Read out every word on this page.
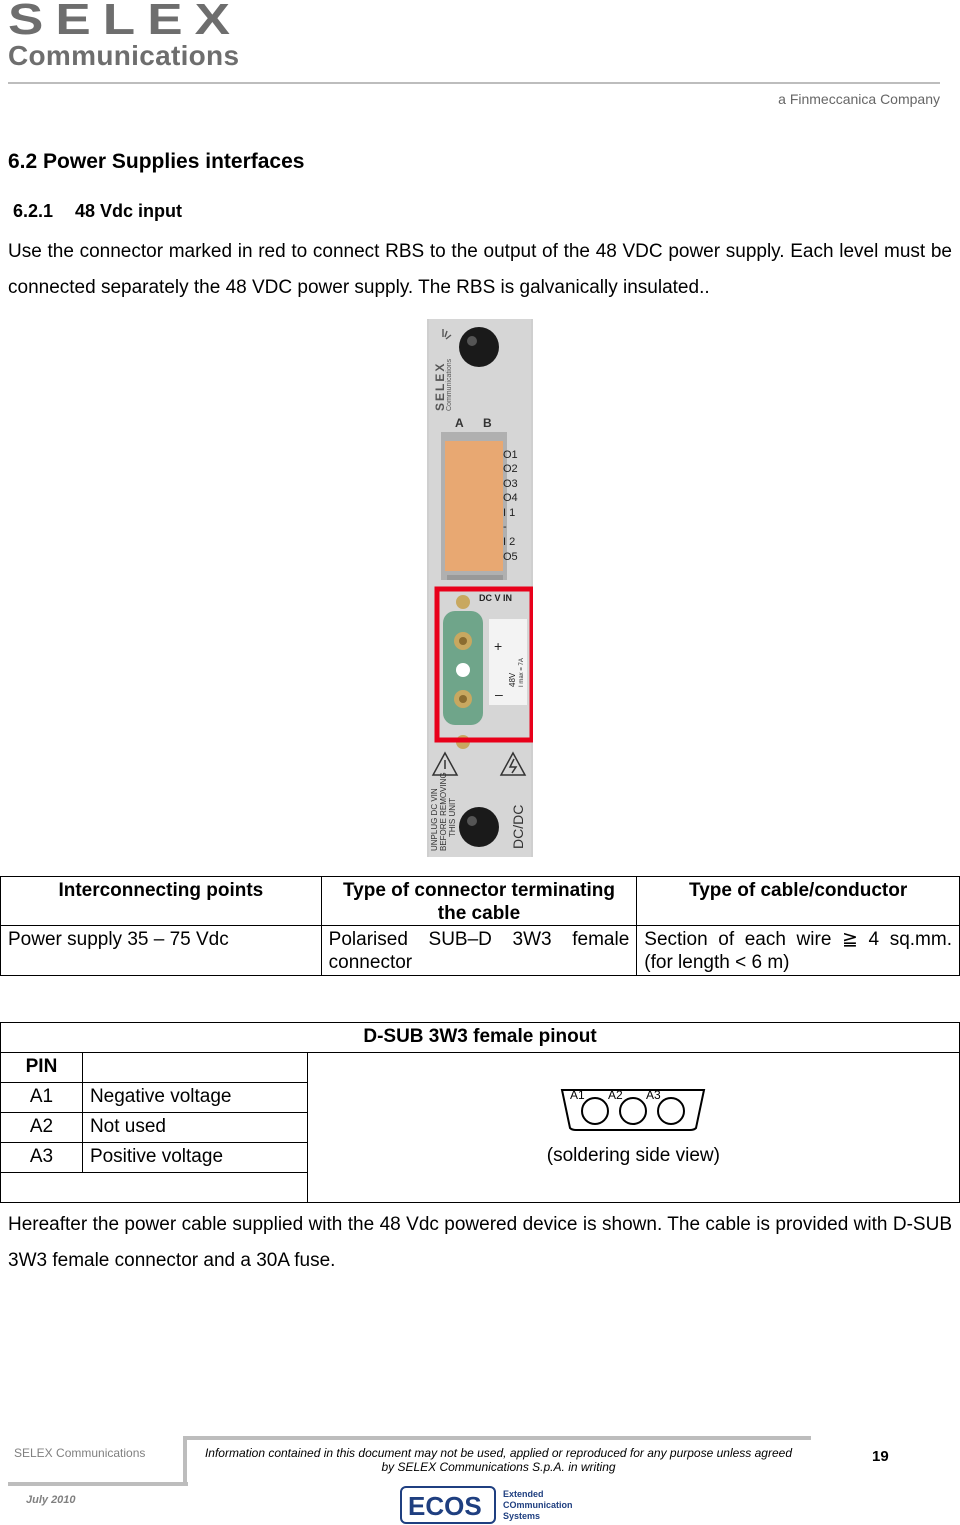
SELEX
Communications
a Finmeccanica Company
6.2 Power Supplies interfaces
6.2.1 48 Vdc input
Use the connector marked in red to connect RBS to the output of the 48 VDC power supply. Each level must be connected separately the 48 VDC power supply. The RBS is galvanically insulated..
SELEX Communications
A B
O1
O2
O3
O4
I 1
-
I 2
O5
DC V IN
+
–
48V I max = 7A
UNPLUG DC VIN BEFORE REMOVING THIS UNIT	DC/DC
Interconnecting points	Type of connector terminating the cable	Type of cable/conductor
Power supply 35 – 75 Vdc	Polarised SUB–D 3W3 female connector	Section of each wire ≧ 4 sq.mm. (for length < 6 m)
D-SUB 3W3 female pinout		
PIN		A1 A2 A3
(soldering side view)

A1	Negative voltage	
A2	Not used	
A3	Positive voltage	

Hereafter the power cable supplied with the 48 Vdc powered device is shown. The cable is provided with D-SUB 3W3 female connector and a 30A fuse.
SELEX Communications
July 2010
Information contained in this document may not be used, applied or reproduced for any purpose unless agreed
by SELEX Communications S.p.A. in writing
19
ECOS Extended
COmmunication
Systems
